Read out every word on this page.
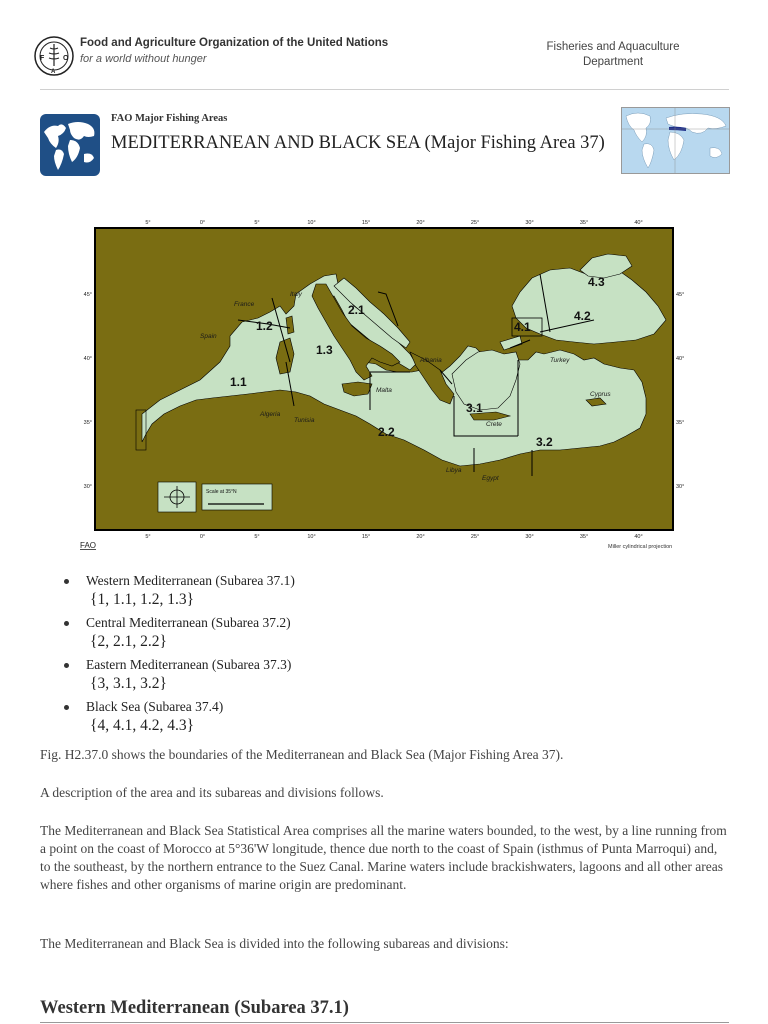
F	O
A
Food and Agriculture Organization of the United Nations
for a world without hunger
Fisheries and Aquaculture Department
FAO Major Fishing Areas
MEDITERRANEAN AND BLACK SEA (Major Fishing Area 37)
5°	0°	5°	10°	15°	20°	25°	30°	35°	40°
5°	0°	5°	10°	15°	20°	25°	30°	35°	40°
45°
40°
35°
30°
45°
40°
35°
30°
1.1
1.2
1.3
2.1
2.2
3.1
3.2
4.1
4.2
4.3
France
Italy
Spain
Algeria
Tunisia
Libya
Egypt
Malta
Crete
Albania	Turkey
Cyprus
Scale at 35°N
FAO	Miller cylindrical projection
Western Mediterranean (Subarea 37.1)
{1, 1.1, 1.2, 1.3}
Central Mediterranean (Subarea 37.2)
{2, 2.1, 2.2}
Eastern Mediterranean (Subarea 37.3)
{3, 3.1, 3.2}
Black Sea (Subarea 37.4)
{4, 4.1, 4.2, 4.3}

Fig. H2.37.0 shows the boundaries of the Mediterranean and Black Sea (Major Fishing Area 37).

A description of the area and its subareas and divisions follows.

The Mediterranean and Black Sea Statistical Area comprises all the marine waters bounded, to the west, by a line running from a point on the coast of Morocco at 5°36'W longitude, thence due north to the coast of Spain (isthmus of Punta Marroqui) and, to the southeast, by the northern entrance to the Suez Canal. Marine waters include brackishwaters, lagoons and all other areas where fishes and other organisms of marine origin are predominant.

The Mediterranean and Black Sea is divided into the following subareas and divisions:

Western Mediterranean (Subarea 37.1)
